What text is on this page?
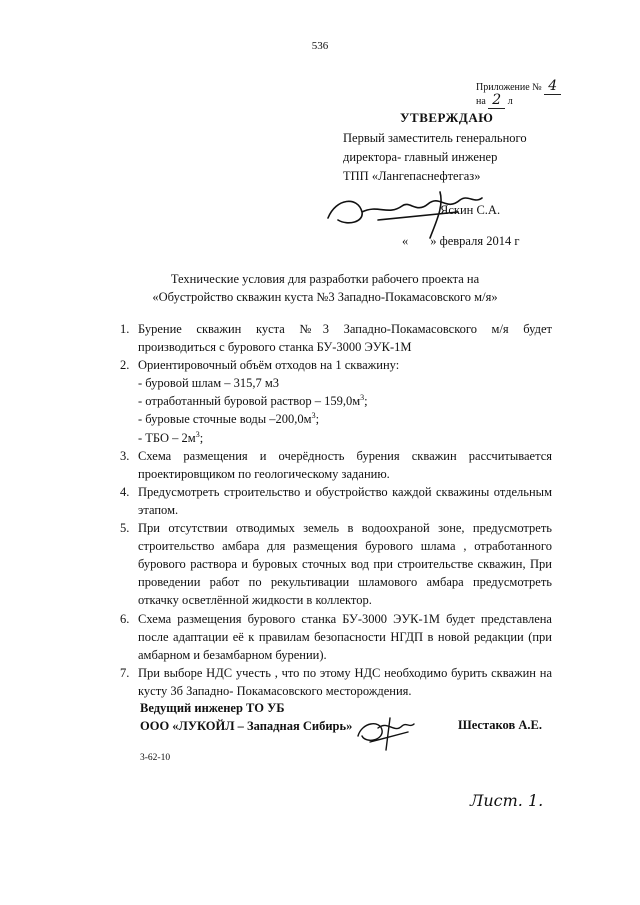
536
Приложение № 4
на 2 л
УТВЕРЖДАЮ
Первый заместитель генерального
директора- главный инженер
ТПП «Лангепаснефтегаз»
Яскин С.А.
« » февраля 2014 г
Технические условия для разработки рабочего проекта на
«Обустройство скважин куста №3 Западно-Покамасовского м/я»
1. Бурение скважин куста №3 Западно-Покамасовского м/я будет производиться с бурового станка БУ-3000 ЭУК-1М
2. Ориентировочный объём отходов на 1 скважину:
- буровой шлам – 315,7 м3
- отработанный буровой раствор – $159,0м^3$;
- буровые сточные воды $-200,0м^3$;
- ТБО – $2м^3$;
3. Схема размещения и очерёдность бурения скважин рассчитывается проектировщиком по геологическому заданию.
4. Предусмотреть строительство и обустройство каждой скважины отдельным этапом.
5. При отсутствии отводимых земель в водоохраной зоне, предусмотреть строительство амбара для размещения бурового шлама , отработанного бурового раствора и буровых сточных вод при строительстве скважин, При проведении работ по рекультивации шламового амбара предусмотреть откачку осветлённой жидкости в коллектор.
6. Схема размещения бурового станка БУ-3000 ЭУК-1М будет представлена после адаптации её к правилам безопасности НГДП в новой редакции (при амбарном и безамбарном бурении).
7. При выборе НДС учесть , что по этому НДС необходимо бурить скважин на кусту 3б Западно- Покамасовского месторождения.
Ведущий инженер ТО УБ
ООО «ЛУКОЙЛ – Западная Сибирь»	Шестаков А.Е.
3-62-10
Лист. 1.
